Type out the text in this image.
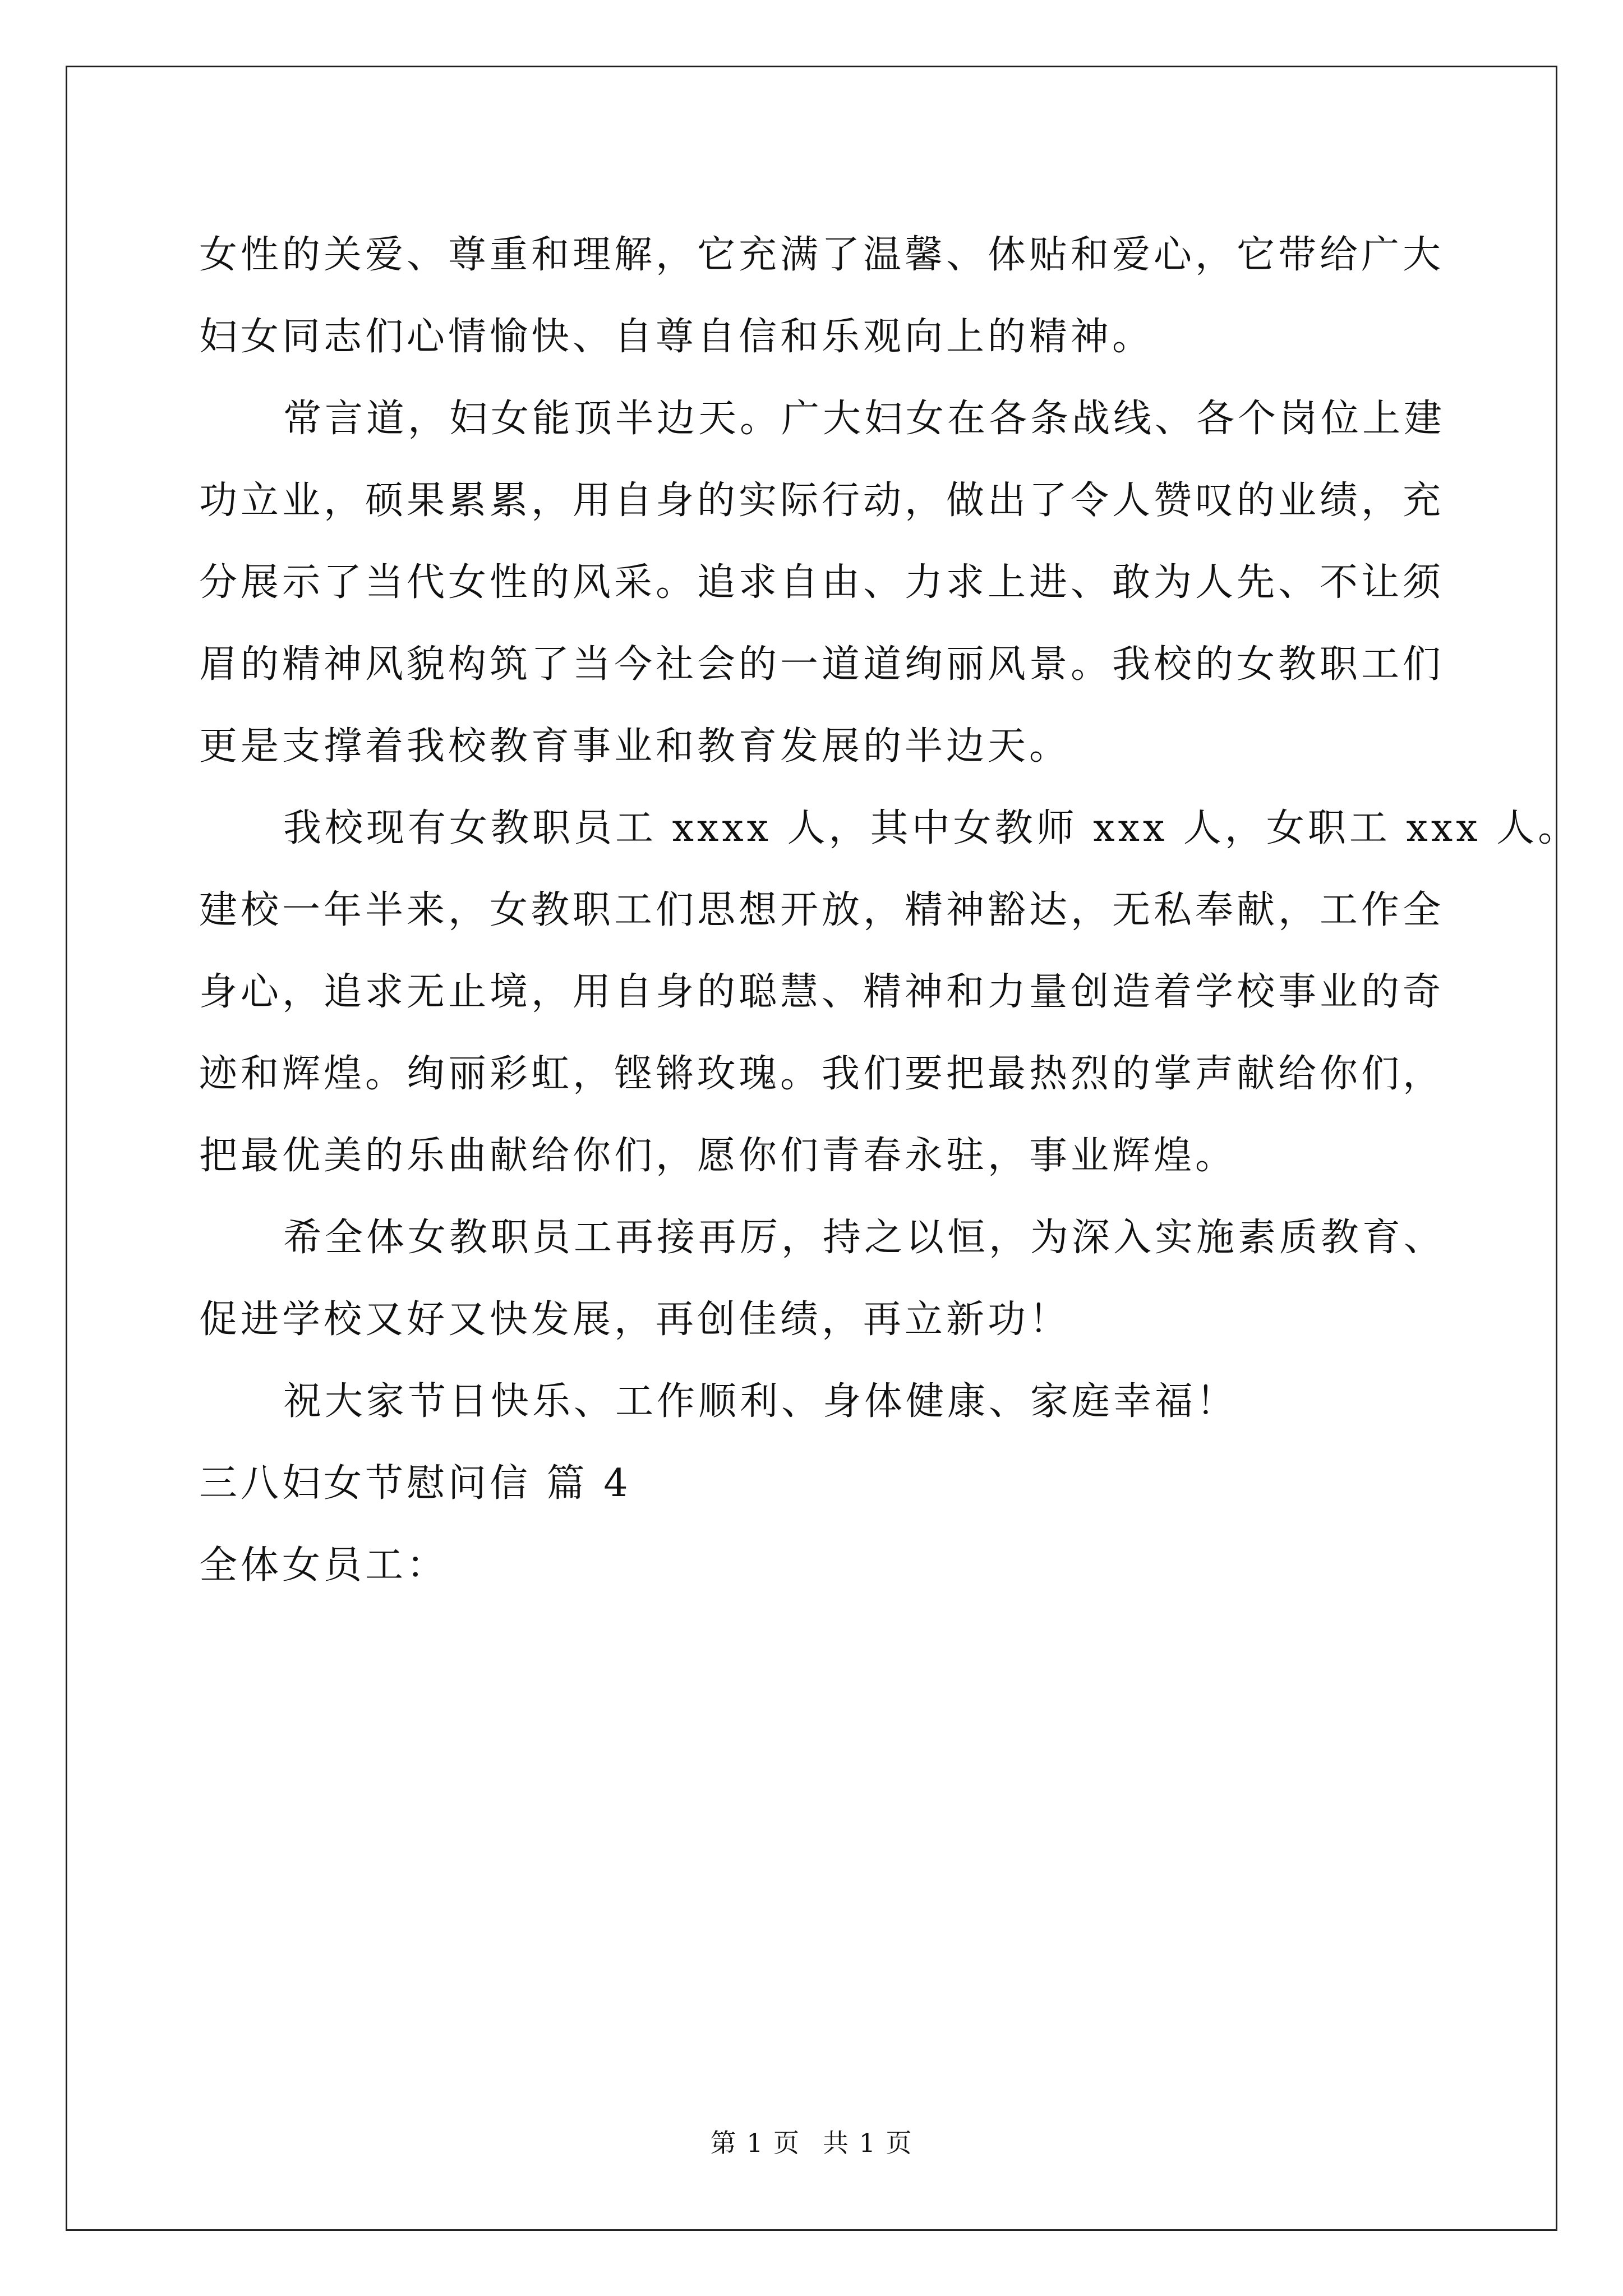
女性的关爱、尊重和理解，它充满了温馨、体贴和爱心，它带给广大
妇女同志们心情愉快、自尊自信和乐观向上的精神。
常言道，妇女能顶半边天。广大妇女在各条战线、各个岗位上建
功立业，硕果累累，用自身的实际行动，做出了令人赞叹的业绩，充
分展示了当代女性的风采。追求自由、力求上进、敢为人先、不让须
眉的精神风貌构筑了当今社会的一道道绚丽风景。我校的女教职工们
更是支撑着我校教育事业和教育发展的半边天。
我校现有女教职员工 xxxx 人，其中女教师 xxx 人，女职工 xxx 人。
建校一年半来，女教职工们思想开放，精神豁达，无私奉献，工作全
身心，追求无止境，用自身的聪慧、精神和力量创造着学校事业的奇
迹和辉煌。绚丽彩虹，铿锵玫瑰。我们要把最热烈的掌声献给你们，
把最优美的乐曲献给你们，愿你们青春永驻，事业辉煌。
希全体女教职员工再接再厉，持之以恒，为深入实施素质教育、
促进学校又好又快发展，再创佳绩，再立新功！
祝大家节日快乐、工作顺利、身体健康、家庭幸福！
三八妇女节慰问信 篇 4
全体女员工：
第 1 页 共 1 页
